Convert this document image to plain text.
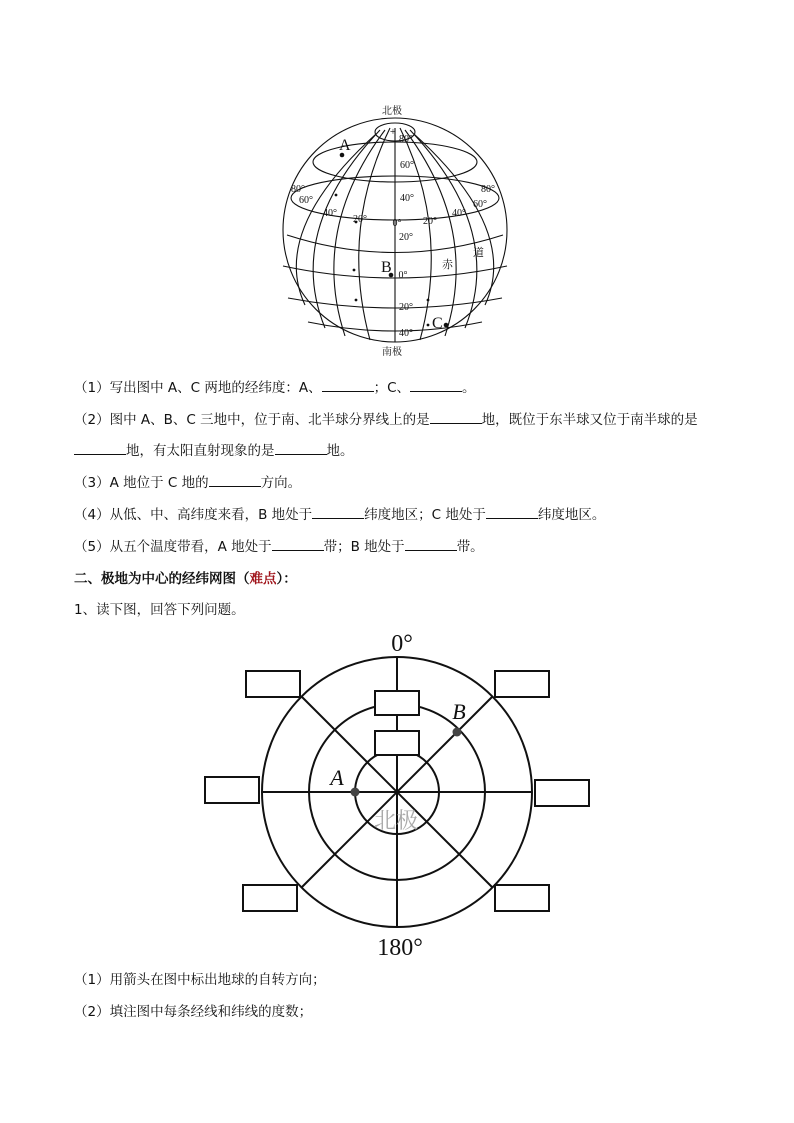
北极
南极
+
80°
60°
40°
20°
0°
20°
40°
80°
60°
80°
60°
40°
20°	0° 20°
40°
A
B
C
赤
道
（1）写出图中 A、C 两地的经纬度：A、	；C、	。
（2）图中 A、B、C 三地中，位于南、北半球分界线上的是	地，既位于东半球又位于南半球的是
地，有太阳直射现象的是	地。
（3）A 地位于 C 地的	方向。
（4）从低、中、高纬度来看，B 地处于	纬度地区；C 地处于	纬度地区。
（5）从五个温度带看，A 地处于	带；B 地处于	带。
二、极地为中心的经纬网图（难点）：
1、读下图，回答下列问题。
0°
180°
A
B
北极
（1）用箭头在图中标出地球的自转方向；
（2）填注图中每条经线和纬线的度数；
